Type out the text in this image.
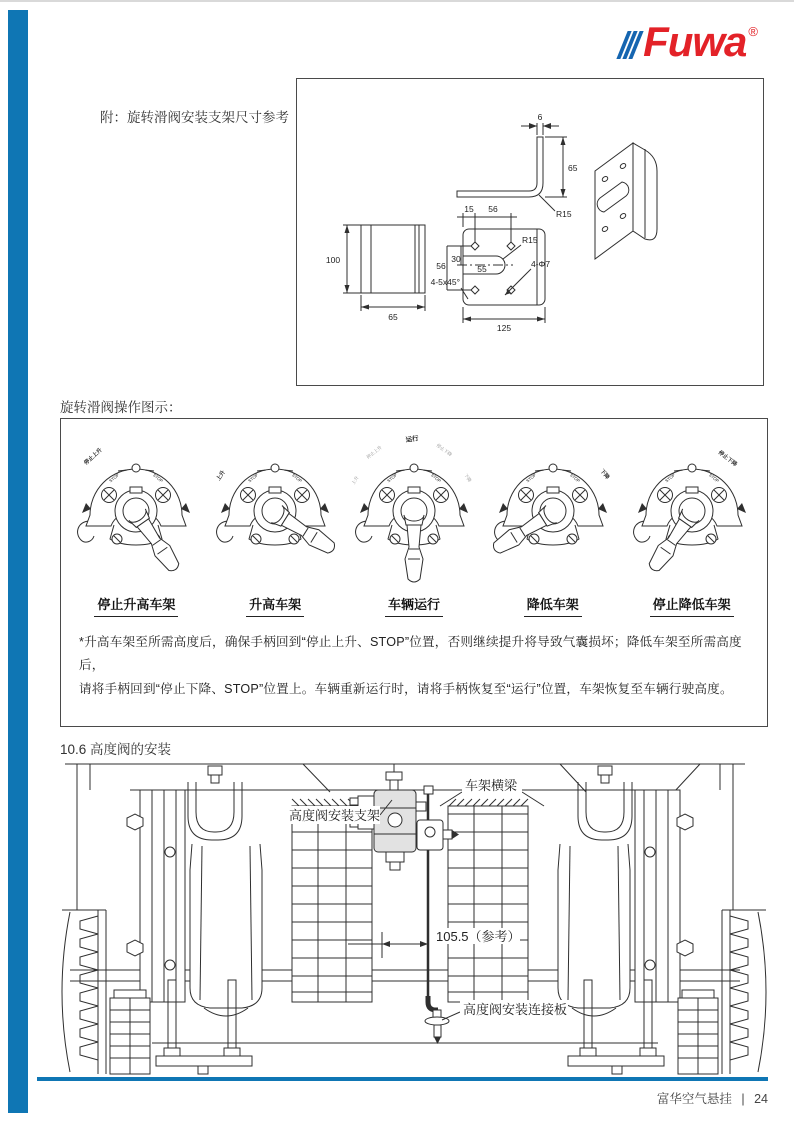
Fuwa ®
附：旋转滑阀安装支架尺寸参考	6
65
R15
100
65
15 56
56
30
55
R15
4-Φ7
4-5x45°
125
旋转滑阀操作图示：
停止上升
停止升高车架
上升
升高车架
运行
上升
停止上升	停止下降
下降
车辆运行
下降
降低车架
停止下降
停止降低车架
*升高车架至所需高度后，确保手柄回到“停止上升、STOP”位置，否则继续提升将导致气囊损坏；降低车架至所需高度后，
请将手柄回到“停止下降、STOP”位置上。车辆重新运行时，请将手柄恢复至“运行”位置，车架恢复至车辆行驶高度。
10.6 高度阀的安装
105.5（参考）
车架横梁
高度阀安装支架
高度阀安装连接板
富华空气悬挂 | 24
